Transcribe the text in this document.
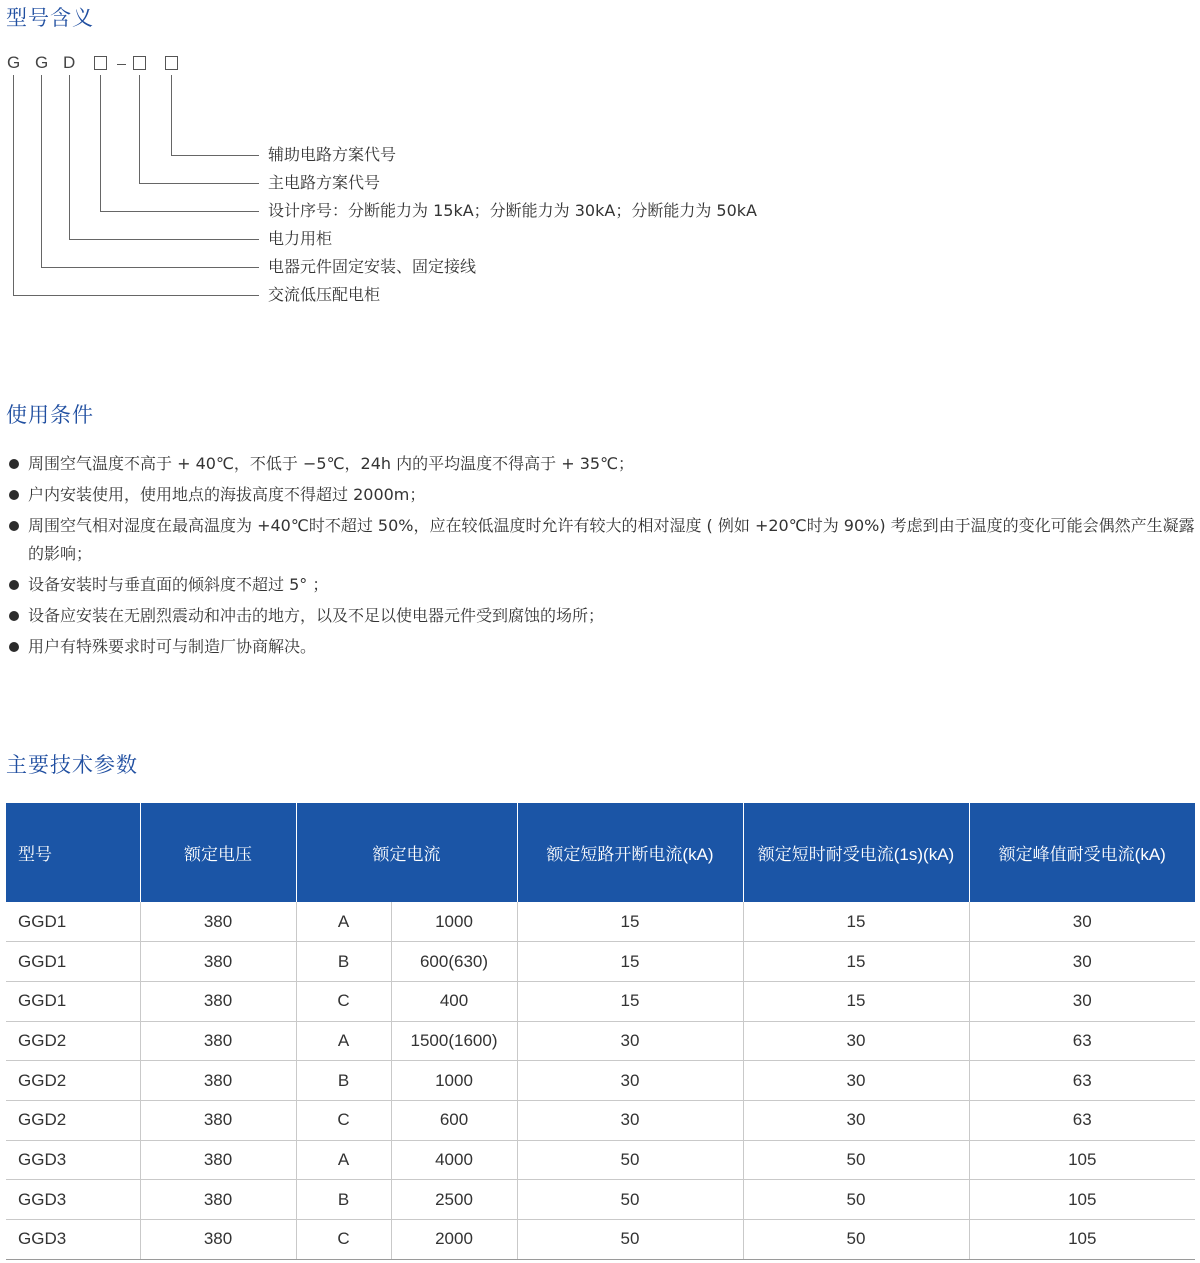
型号含义
G G D
辅助电路方案代号
主电路方案代号
设计序号：分断能力为 15kA；分断能力为 30kA；分断能力为 50kA
电力用柜
电器元件固定安装、固定接线
交流低压配电柜
使用条件
周围空气温度不高于 + 40℃，不低于 −5℃，24h 内的平均温度不得高于 + 35℃；
户内安装使用，使用地点的海拔高度不得超过 2000m；
周围空气相对湿度在最高温度为 +40℃时不超过 50%，应在较低温度时允许有较大的相对湿度 ( 例如 +20℃时为 90%) 考虑到由于温度的变化可能会偶然产生凝露的影响；
设备安装时与垂直面的倾斜度不超过 5° ；
设备应安装在无剧烈震动和冲击的地方，以及不足以使电器元件受到腐蚀的场所；
用户有特殊要求时可与制造厂协商解决。
主要技术参数
型号	额定电压	额定电流		额定短路开断电流(kA)	额定短时耐受电流(1s)(kA)	额定峰值耐受电流(kA)
GGD1	380	A	1000	15	15	30
GGD1	380	B	600(630)	15	15	30
GGD1	380	C	400	15	15	30
GGD2	380	A	1500(1600)	30	30	63
GGD2	380	B	1000	30	30	63
GGD2	380	C	600	30	30	63
GGD3	380	A	4000	50	50	105
GGD3	380	B	2500	50	50	105
GGD3	380	C	2000	50	50	105
